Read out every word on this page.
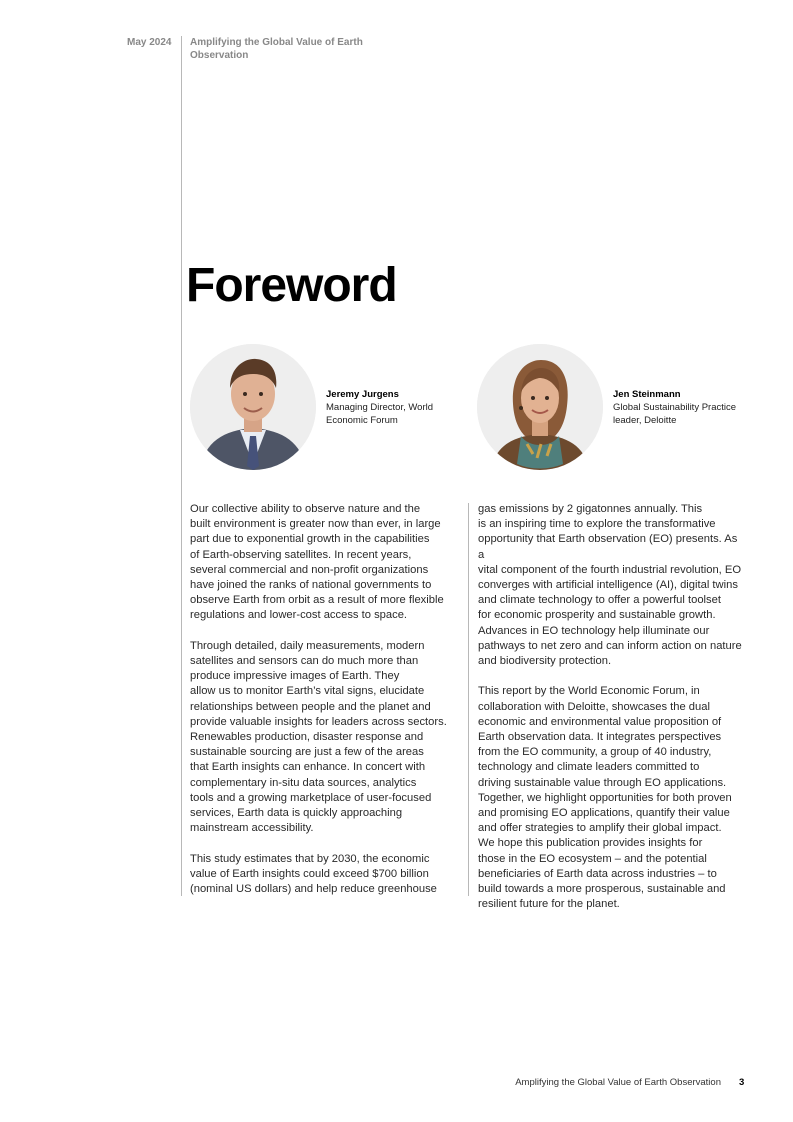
May 2024 Amplifying the Global Value of Earth Observation
Foreword
Jeremy Jurgens
Managing Director, World Economic Forum
Jen Steinmann
Global Sustainability Practice leader, Deloitte

Our collective ability to observe nature and the
built environment is greater now than ever, in large
part due to exponential growth in the capabilities
of Earth-observing satellites. In recent years,
several commercial and non-profit organizations
have joined the ranks of national governments to
observe Earth from orbit as a result of more flexible
regulations and lower-cost access to space.

Through detailed, daily measurements, modern
satellites and sensors can do much more than
produce impressive images of Earth. They
allow us to monitor Earth’s vital signs, elucidate
relationships between people and the planet and
provide valuable insights for leaders across sectors.
Renewables production, disaster response and
sustainable sourcing are just a few of the areas
that Earth insights can enhance. In concert with
complementary in-situ data sources, analytics
tools and a growing marketplace of user-focused
services, Earth data is quickly approaching
mainstream accessibility.

This study estimates that by 2030, the economic
value of Earth insights could exceed $700 billion
(nominal US dollars) and help reduce greenhouse

gas emissions by 2 gigatonnes annually. This
is an inspiring time to explore the transformative
opportunity that Earth observation (EO) presents. As a
vital component of the fourth industrial revolution, EO
converges with artificial intelligence (AI), digital twins
and climate technology to offer a powerful toolset
for economic prosperity and sustainable growth.
Advances in EO technology help illuminate our
pathways to net zero and can inform action on nature
and biodiversity protection.

This report by the World Economic Forum, in
collaboration with Deloitte, showcases the dual
economic and environmental value proposition of
Earth observation data. It integrates perspectives
from the EO community, a group of 40 industry,
technology and climate leaders committed to
driving sustainable value through EO applications.
Together, we highlight opportunities for both proven
and promising EO applications, quantify their value
and offer strategies to amplify their global impact.
We hope this publication provides insights for
those in the EO ecosystem – and the potential
beneficiaries of Earth data across industries – to
build towards a more prosperous, sustainable and
resilient future for the planet.

Amplifying the Global Value of Earth Observation 3
